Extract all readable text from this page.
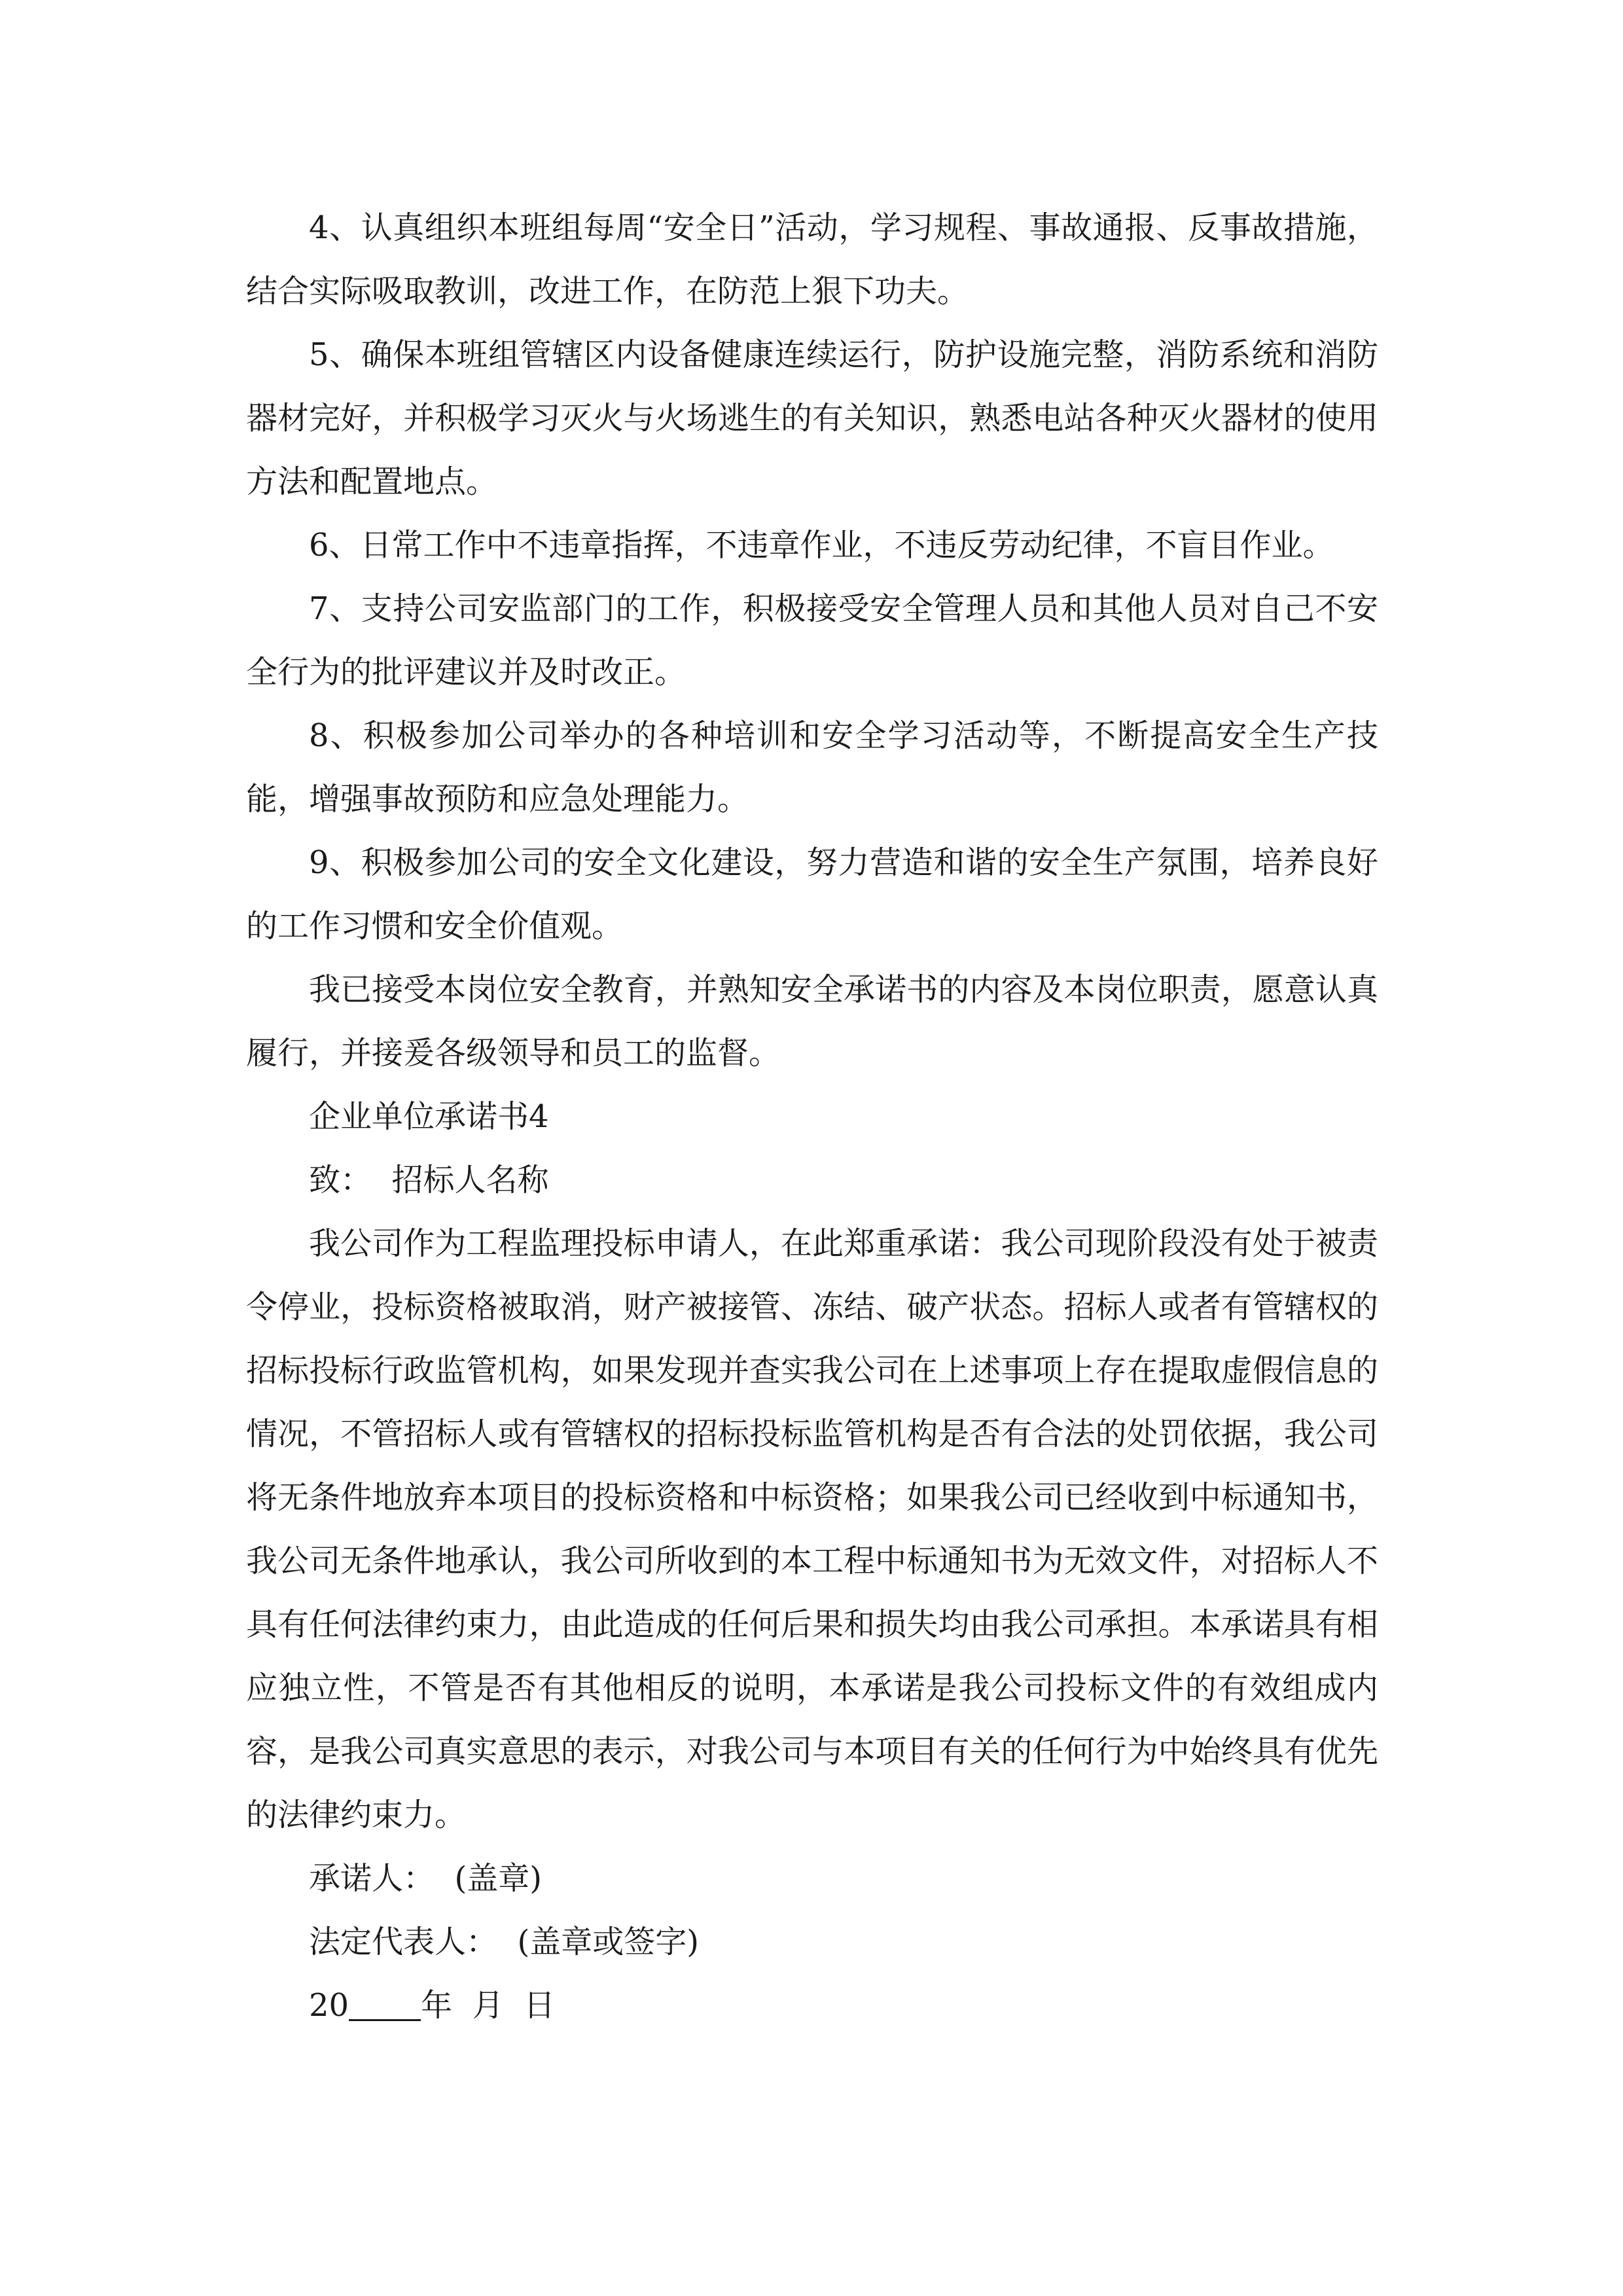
4、认真组织本班组每周“安全日”活动，学习规程、事故通报、反事故措施，结合实际吸取教训，改进工作，在防范上狠下功夫。

5、确保本班组管辖区内设备健康连续运行，防护设施完整，消防系统和消防器材完好，并积极学习灭火与火场逃生的有关知识，熟悉电站各种灭火器材的使用方法和配置地点。

6、日常工作中不违章指挥，不违章作业，不违反劳动纪律，不盲目作业。

7、支持公司安监部门的工作，积极接受安全管理人员和其他人员对自己不安全行为的批评建议并及时改正。

8、积极参加公司举办的各种培训和安全学习活动等，不断提高安全生产技能，增强事故预防和应急处理能力。

9、积极参加公司的安全文化建设，努力营造和谐的安全生产氛围，培养良好的工作习惯和安全价值观。

我已接受本岗位安全教育，并熟知安全承诺书的内容及本岗位职责，愿意认真履行，并接爰各级领导和员工的监督。

企业单位承诺书4

致：  招标人名称

我公司作为工程监理投标申请人，在此郑重承诺：我公司现阶段没有处于被责令停业，投标资格被取消，财产被接管、冻结、破产状态。招标人或者有管辖权的招标投标行政监管机构，如果发现并查实我公司在上述事项上存在提取虚假信息的情况，不管招标人或有管辖权的招标投标监管机构是否有合法的处罚依据，我公司将无条件地放弃本项目的投标资格和中标资格；如果我公司已经收到中标通知书，我公司无条件地承认，我公司所收到的本工程中标通知书为无效文件，对招标人不具有任何法律约束力，由此造成的任何后果和损失均由我公司承担。本承诺具有相应独立性，不管是否有其他相反的说明，本承诺是我公司投标文件的有效组成内容，是我公司真实意思的表示，对我公司与本项目有关的任何行为中始终具有优先的法律约束力。

承诺人：  (盖章)

法定代表人：  (盖章或签字)

20 年  月  日
